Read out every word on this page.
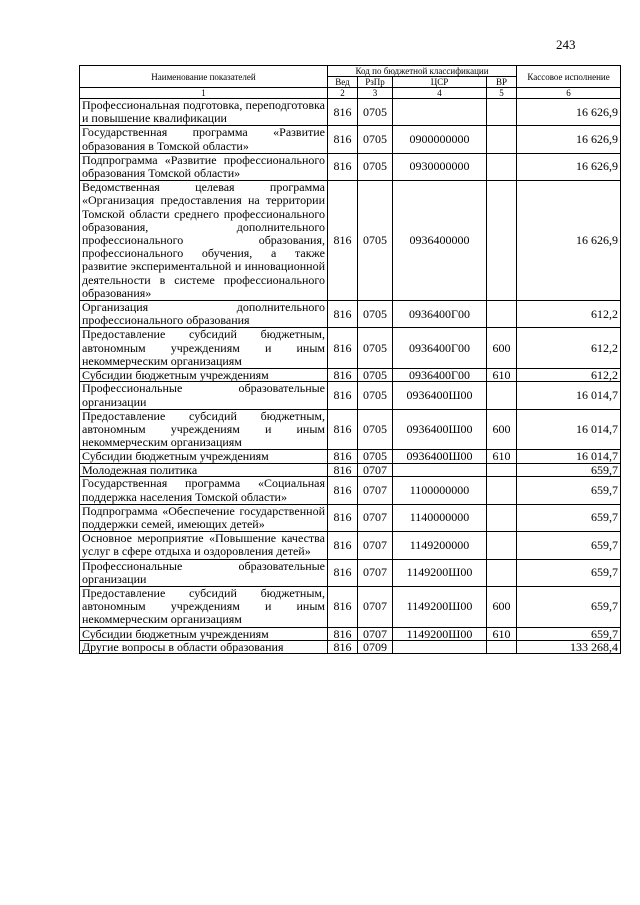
243
Наименование показателей	Код по бюджетной классификации				Кассовое исполнение
	Вед	РзПр	ЦСР	ВР	
1	2	3	4	5	6
Профессиональная подготовка, переподготовка и повышение квалификации	816	0705			16 626,9
Государственная программа «Развитие образования в Томской области»	816	0705	0900000000		16 626,9
Подпрограмма «Развитие профессионального образования Томской области»	816	0705	0930000000		16 626,9
Ведомственная целевая программа «Организация предоставления на территории Томской области среднего профессионального образования, дополнительного профессионального образования, профессионального обучения, а также развитие экспериментальной и инновационной деятельности в системе профессионального образования»	816	0705	0936400000		16 626,9
Организация дополнительного профессионального образования	816	0705	0936400Г00		612,2
Предоставление субсидий бюджетным, автономным учреждениям и иным некоммерческим организациям	816	0705	0936400Г00	600	612,2
Субсидии бюджетным учреждениям	816	0705	0936400Г00	610	612,2
Профессиональные образовательные организации	816	0705	0936400Ш00		16 014,7
Предоставление субсидий бюджетным, автономным учреждениям и иным некоммерческим организациям	816	0705	0936400Ш00	600	16 014,7
Субсидии бюджетным учреждениям	816	0705	0936400Ш00	610	16 014,7
Молодежная политика	816	0707			659,7
Государственная программа «Социальная поддержка населения Томской области»	816	0707	1100000000		659,7
Подпрограмма «Обеспечение государственной поддержки семей, имеющих детей»	816	0707	1140000000		659,7
Основное мероприятие «Повышение качества услуг в сфере отдыха и оздоровления детей»	816	0707	1149200000		659,7
Профессиональные образовательные организации	816	0707	1149200Ш00		659,7
Предоставление субсидий бюджетным, автономным учреждениям и иным некоммерческим организациям	816	0707	1149200Ш00	600	659,7
Субсидии бюджетным учреждениям	816	0707	1149200Ш00	610	659,7
Другие вопросы в области образования	816	0709			133 268,4
